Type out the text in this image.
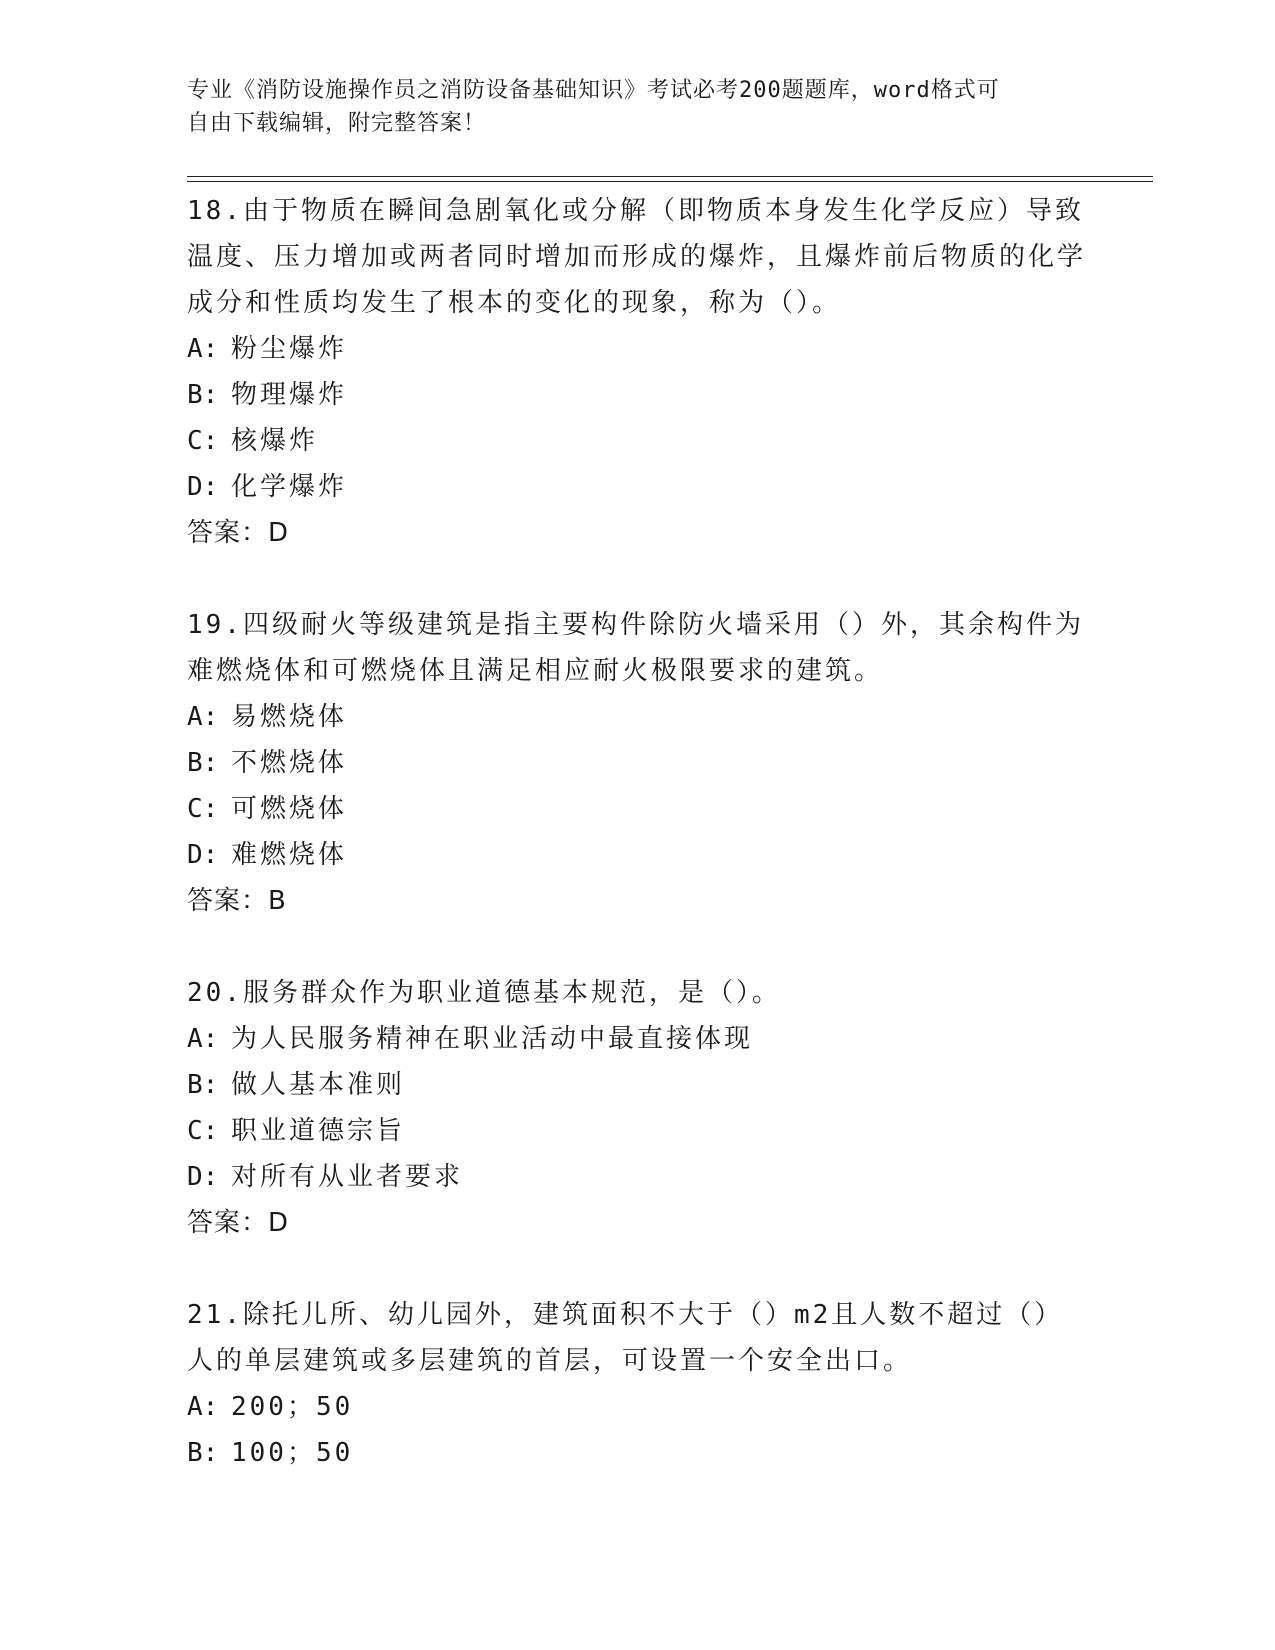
专业《消防设施操作员之消防设备基础知识》考试必考200题题库，word格式可
自由下载编辑，附完整答案！
18.由于物质在瞬间急剧氧化或分解（即物质本身发生化学反应）导致温度、压力增加或两者同时增加而形成的爆炸，且爆炸前后物质的化学成分和性质均发生了根本的变化的现象，称为（）。
A: 粉尘爆炸
B: 物理爆炸
C: 核爆炸
D: 化学爆炸
答案：D
19.四级耐火等级建筑是指主要构件除防火墙采用（）外，其余构件为难燃烧体和可燃烧体且满足相应耐火极限要求的建筑。
A: 易燃烧体
B: 不燃烧体
C: 可燃烧体
D: 难燃烧体
答案：B
20.服务群众作为职业道德基本规范，是（）。
A: 为人民服务精神在职业活动中最直接体现
B: 做人基本准则
C: 职业道德宗旨
D: 对所有从业者要求
答案：D
21.除托儿所、幼儿园外，建筑面积不大于（）m2且人数不超过（）人的单层建筑或多层建筑的首层，可设置一个安全出口。
A: 200；50
B: 100；50
